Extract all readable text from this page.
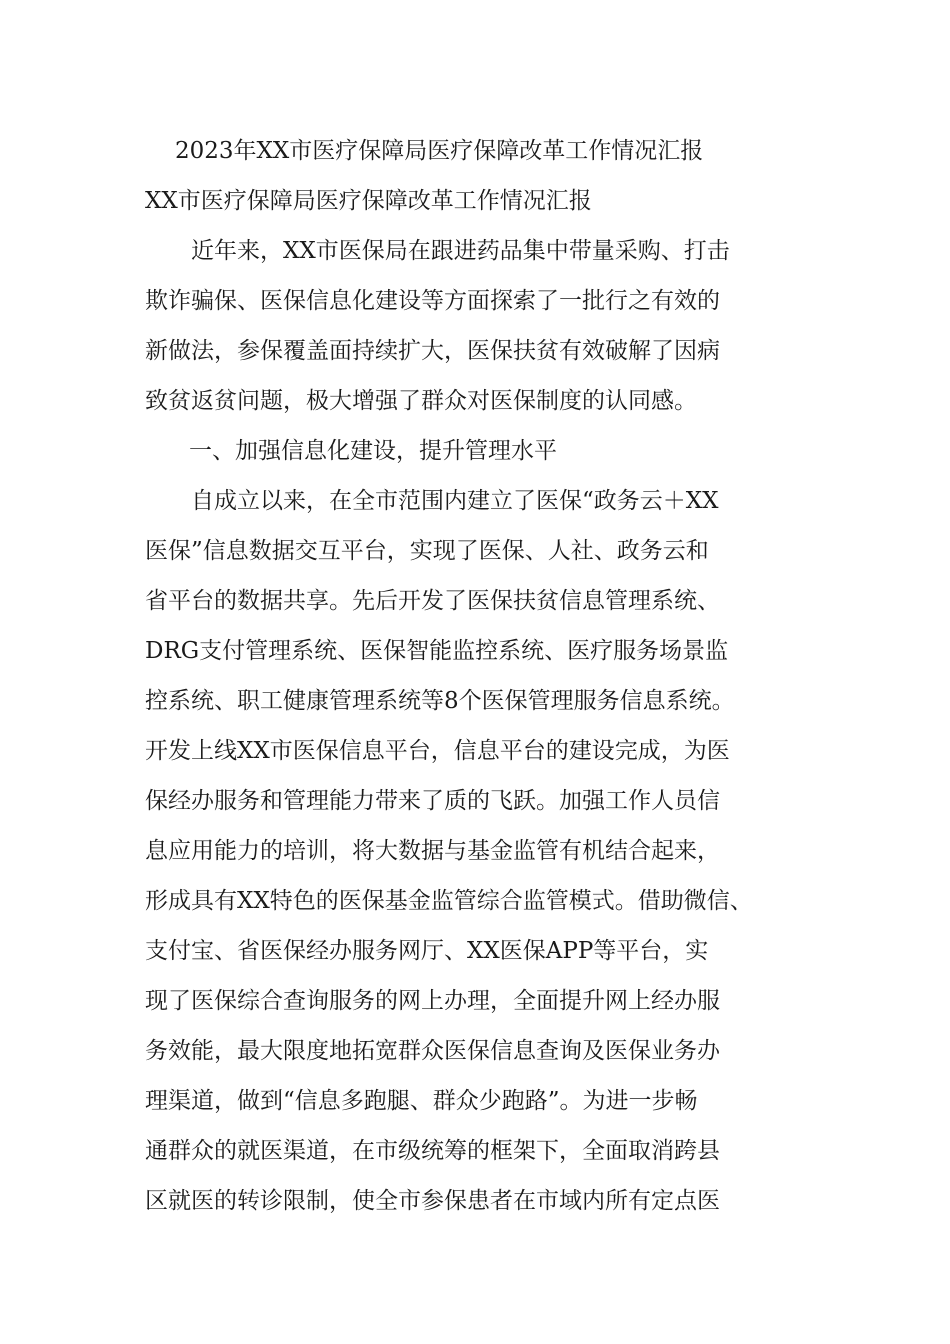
2023年XX市医疗保障局医疗保障改革工作情况汇报
XX市医疗保障局医疗保障改革工作情况汇报
近年来，XX市医保局在跟进药品集中带量采购、打击
欺诈骗保、医保信息化建设等方面探索了一批行之有效的
新做法，参保覆盖面持续扩大，医保扶贫有效破解了因病
致贫返贫问题，极大增强了群众对医保制度的认同感。
一、加强信息化建设，提升管理水平
自成立以来，在全市范围内建立了医保“政务云＋XX
医保”信息数据交互平台，实现了医保、人社、政务云和
省平台的数据共享。先后开发了医保扶贫信息管理系统、
DRG支付管理系统、医保智能监控系统、医疗服务场景监
控系统、职工健康管理系统等8个医保管理服务信息系统。
开发上线XX市医保信息平台，信息平台的建设完成，为医
保经办服务和管理能力带来了质的飞跃。加强工作人员信
息应用能力的培训，将大数据与基金监管有机结合起来，
形成具有XX特色的医保基金监管综合监管模式。借助微信、
支付宝、省医保经办服务网厅、XX医保APP等平台，实
现了医保综合查询服务的网上办理，全面提升网上经办服
务效能，最大限度地拓宽群众医保信息查询及医保业务办
理渠道，做到“信息多跑腿、群众少跑路”。为进一步畅
通群众的就医渠道，在市级统筹的框架下，全面取消跨县
区就医的转诊限制，使全市参保患者在市域内所有定点医
